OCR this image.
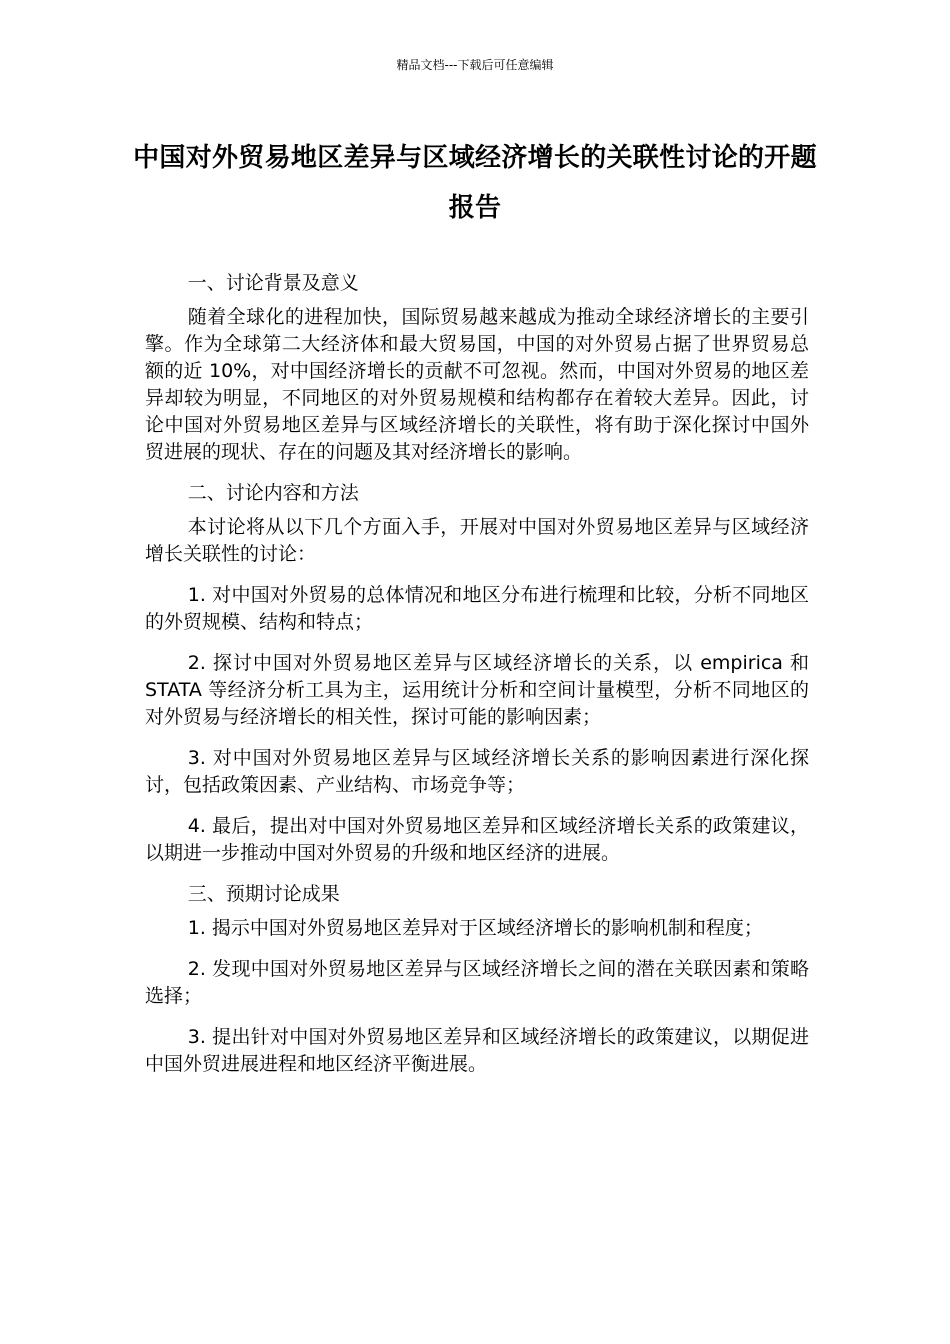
精品文档---下载后可任意编辑
中国对外贸易地区差异与区域经济增长的关联性讨论的开题报告

一、讨论背景及意义

随着全球化的进程加快，国际贸易越来越成为推动全球经济增长的主要引擎。作为全球第二大经济体和最大贸易国，中国的对外贸易占据了世界贸易总额的近 10%，对中国经济增长的贡献不可忽视。然而，中国对外贸易的地区差异却较为明显，不同地区的对外贸易规模和结构都存在着较大差异。因此，讨论中国对外贸易地区差异与区域经济增长的关联性，将有助于深化探讨中国外贸进展的现状、存在的问题及其对经济增长的影响。

二、讨论内容和方法

本讨论将从以下几个方面入手，开展对中国对外贸易地区差异与区域经济增长关联性的讨论：

1. 对中国对外贸易的总体情况和地区分布进行梳理和比较，分析不同地区的外贸规模、结构和特点；

2. 探讨中国对外贸易地区差异与区域经济增长的关系，以 empirica 和 STATA 等经济分析工具为主，运用统计分析和空间计量模型，分析不同地区的对外贸易与经济增长的相关性，探讨可能的影响因素；

3. 对中国对外贸易地区差异与区域经济增长关系的影响因素进行深化探讨，包括政策因素、产业结构、市场竞争等；

4. 最后，提出对中国对外贸易地区差异和区域经济增长关系的政策建议，以期进一步推动中国对外贸易的升级和地区经济的进展。

三、预期讨论成果

1. 揭示中国对外贸易地区差异对于区域经济增长的影响机制和程度；

2. 发现中国对外贸易地区差异与区域经济增长之间的潜在关联因素和策略选择；

3. 提出针对中国对外贸易地区差异和区域经济增长的政策建议，以期促进中国外贸进展进程和地区经济平衡进展。
